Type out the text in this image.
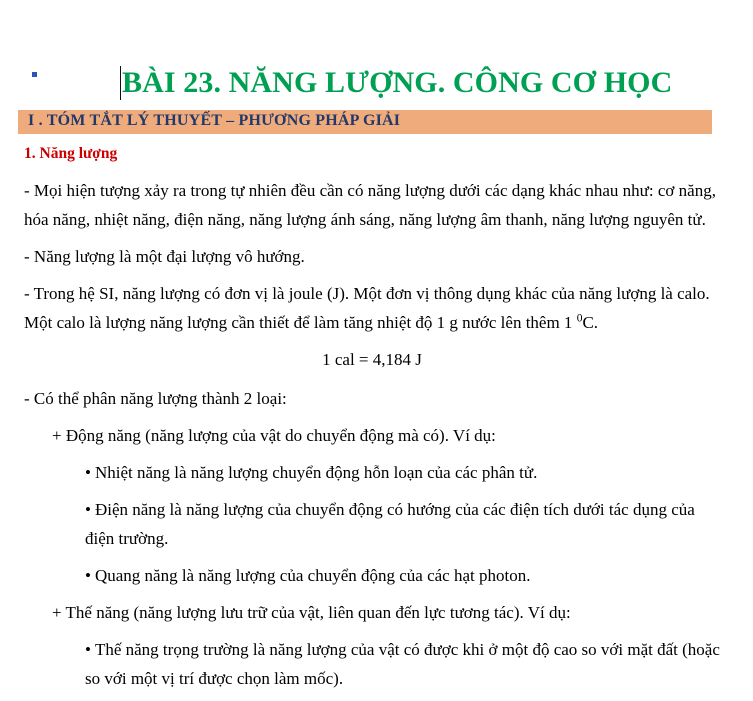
BÀI 23. NĂNG LƯỢNG. CÔNG CƠ HỌC
I . TÓM TẮT LÝ THUYẾT – PHƯƠNG PHÁP GIẢI
1. Năng lượng

- Mọi hiện tượng xảy ra trong tự nhiên đều cần có năng lượng dưới các dạng khác nhau như: cơ năng, hóa năng, nhiệt năng, điện năng, năng lượng ánh sáng, năng lượng âm thanh, năng lượng nguyên tử.

- Năng lượng là một đại lượng vô hướng.

- Trong hệ SI, năng lượng có đơn vị là joule (J). Một đơn vị thông dụng khác của năng lượng là calo. Một calo là lượng năng lượng cần thiết để làm tăng nhiệt độ 1 g nước lên thêm 1 $^0$C.

1 cal = 4,184 J

- Có thể phân năng lượng thành 2 loại:

+ Động năng (năng lượng của vật do chuyển động mà có). Ví dụ:

• Nhiệt năng là năng lượng chuyển động hỗn loạn của các phân tử.

• Điện năng là năng lượng của chuyển động có hướng của các điện tích dưới tác dụng của điện trường.

• Quang năng là năng lượng của chuyển động của các hạt photon.

+ Thế năng (năng lượng lưu trữ của vật, liên quan đến lực tương tác). Ví dụ:

• Thế năng trọng trường là năng lượng của vật có được khi ở một độ cao so với mặt đất (hoặc so với một vị trí được chọn làm mốc).
